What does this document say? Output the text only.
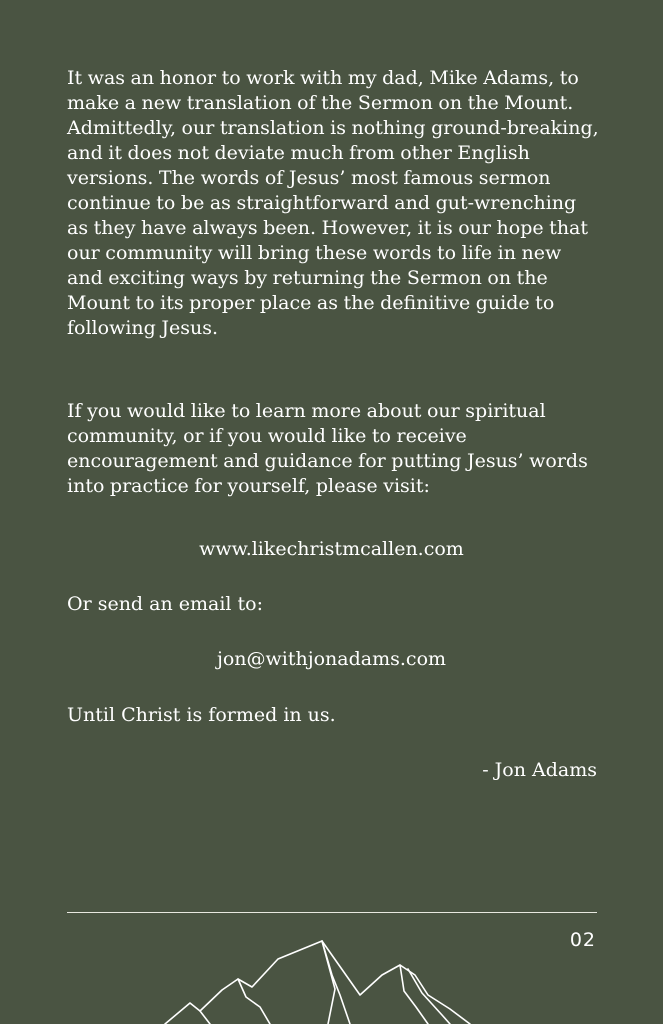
It was an honor to work with my dad, Mike Adams, to make a new translation of the Sermon on the Mount. Admittedly, our translation is nothing ground-breaking, and it does not deviate much from other English versions. The words of Jesus’ most famous sermon continue to be as straightforward and gut-wrenching as they have always been. However, it is our hope that our community will bring these words to life in new and exciting ways by returning the Sermon on the Mount to its proper place as the definitive guide to following Jesus.

If you would like to learn more about our spiritual community, or if you would like to receive encouragement and guidance for putting Jesus’ words into practice for yourself, please visit:

www.likechristmcallen.com
Or send an email to:
jon@withjonadams.com
Until Christ is formed in us.
- Jon Adams
02
